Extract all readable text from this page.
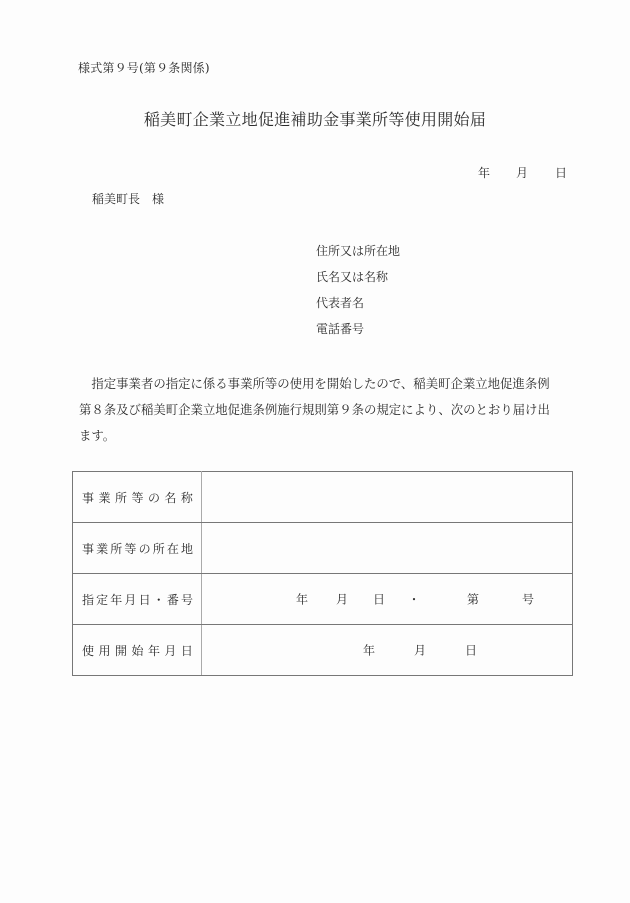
様式第９号(第９条関係)
稲美町企業立地促進補助金事業所等使用開始届
年 月 日
稲美町長　様
住所又は所在地
氏名又は名称
代表者名
電話番号
　指定事業者の指定に係る事業所等の使用を開始したので、稲美町企業立地促進条例
第８条及び稲美町企業立地促進条例施行規則第９条の規定により、次のとおり届け出
ます。
事 業 所 等 の 名 称

事 業 所 等 の 所 在 地

指 定 年 月 日 ・ 番 号	年 月 日 ・	第	号

使 用 開 始 年 月 日	年	月	日
